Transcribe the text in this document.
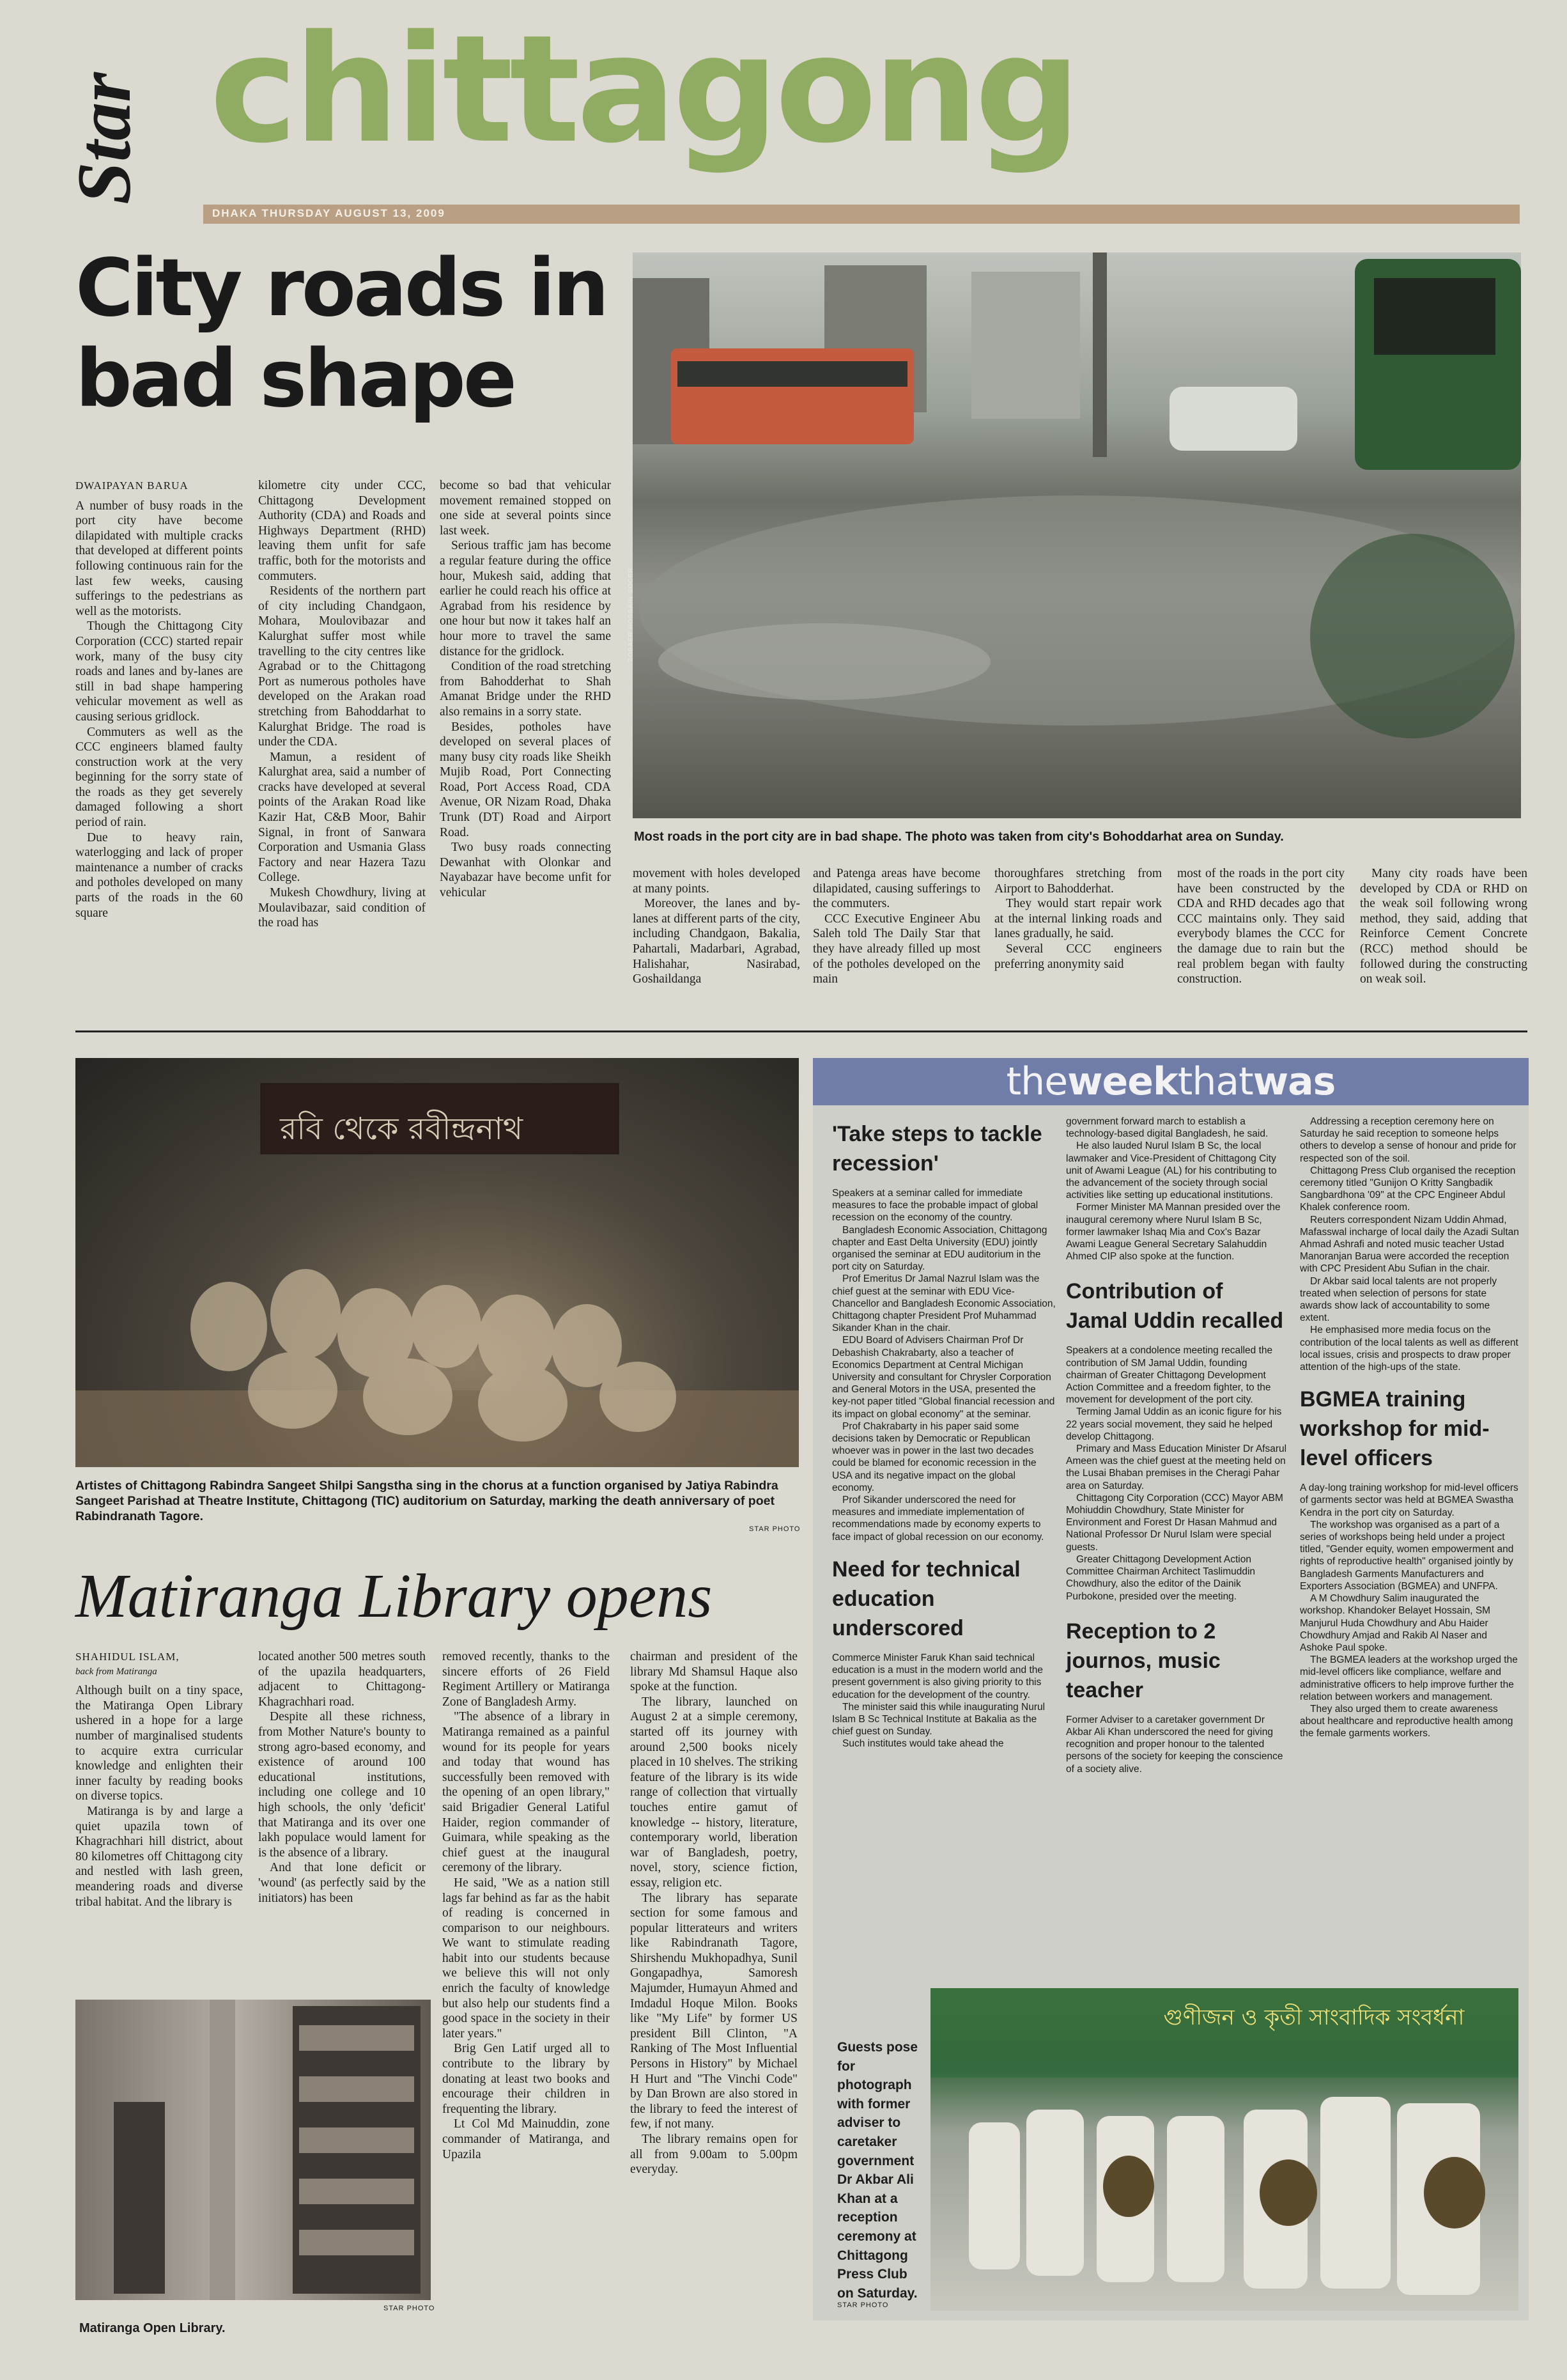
Star chittagong
DHAKA THURSDAY AUGUST 13, 2009
City roads in
bad shape
ZOBAER HOSSAIN SOCER
Most roads in the port city are in bad shape. The photo was taken from city's Bohoddarhat area on Sunday.
DWAIPAYAN BARUA

A number of busy roads in the port city have become dilapidated with multiple cracks that developed at different points following continuous rain for the last few weeks, causing sufferings to the pedestrians as well as the motorists.

Though the Chittagong City Corporation (CCC) started repair work, many of the busy city roads and lanes and by-lanes are still in bad shape hampering vehicular movement as well as causing serious gridlock.

Commuters as well as the CCC engineers blamed faulty construction work at the very beginning for the sorry state of the roads as they get severely damaged following a short period of rain.

Due to heavy rain, waterlogging and lack of proper maintenance a number of cracks and potholes developed on many parts of the roads in the 60 square

kilometre city under CCC, Chittagong Development Authority (CDA) and Roads and Highways Department (RHD) leaving them unfit for safe traffic, both for the motorists and commuters.

Residents of the northern part of city including Chandgaon, Mohara, Moulovibazar and Kalurghat suffer most while travelling to the city centres like Agrabad or to the Chittagong Port as numerous potholes have developed on the Arakan road stretching from Bahoddarhat to Kalurghat Bridge. The road is under the CDA.

Mamun, a resident of Kalurghat area, said a number of cracks have developed at several points of the Arakan Road like Kazir Hat, C&B Moor, Bahir Signal, in front of Sanwara Corporation and Usmania Glass Factory and near Hazera Tazu College.

Mukesh Chowdhury, living at Moulavibazar, said condition of the road has

become so bad that vehicular movement remained stopped on one side at several points since last week.

Serious traffic jam has become a regular feature during the office hour, Mukesh said, adding that earlier he could reach his office at Agrabad from his residence by one hour but now it takes half an hour more to travel the same distance for the gridlock.

Condition of the road stretching from Bahodderhat to Shah Amanat Bridge under the RHD also remains in a sorry state.

Besides, potholes have developed on several places of many busy city roads like Sheikh Mujib Road, Port Connecting Road, Port Access Road, CDA Avenue, OR Nizam Road, Dhaka Trunk (DT) Road and Airport Road.

Two busy roads connecting Dewanhat with Olonkar and Nayabazar have become unfit for vehicular

movement with holes developed at many points.

Moreover, the lanes and by-lanes at different parts of the city, including Chandgaon, Bakalia, Pahartali, Madarbari, Agrabad, Halishahar, Nasirabad, Goshaildanga

and Patenga areas have become dilapidated, causing sufferings to the commuters.

CCC Executive Engineer Abu Saleh told The Daily Star that they have already filled up most of the potholes developed on the main

thoroughfares stretching from Airport to Bahodderhat.

They would start repair work at the internal linking roads and lanes gradually, he said.

Several CCC engineers preferring anonymity said

most of the roads in the port city have been constructed by the CDA and RHD decades ago that CCC maintains only. They said everybody blames the CCC for the damage due to rain but the real problem began with faulty construction.

Many city roads have been developed by CDA or RHD on the weak soil following wrong method, they said, adding that Reinforce Cement Concrete (RCC) method should be followed during the constructing on weak soil.

রবি থেকে রবীন্দ্রনাথ
Artistes of Chittagong Rabindra Sangeet Shilpi Sangstha sing in the chorus at a function organised by Jatiya Rabindra Sangeet Parishad at Theatre Institute, Chittagong (TIC) auditorium on Saturday, marking the death anniversary of poet Rabindranath Tagore.
STAR PHOTO
Matiranga Library opens
SHAHIDUL ISLAM,
back from Matiranga

Although built on a tiny space, the Matiranga Open Library ushered in a hope for a large number of marginalised students to acquire extra curricular knowledge and enlighten their inner faculty by reading books on diverse topics.

Matiranga is by and large a quiet upazila town of Khagrachhari hill district, about 80 kilometres off Chittagong city and nestled with lash green, meandering roads and diverse tribal habitat. And the library is

located another 500 metres south of the upazila headquarters, adjacent to Chittagong-Khagrachhari road.

Despite all these richness, from Mother Nature's bounty to strong agro-based economy, and existence of around 100 educational institutions, including one college and 10 high schools, the only 'deficit' that Matiranga and its over one lakh populace would lament for is the absence of a library.

And that lone deficit or 'wound' (as perfectly said by the initiators) has been

removed recently, thanks to the sincere efforts of 26 Field Regiment Artillery or Matiranga Zone of Bangladesh Army.

"The absence of a library in Matiranga remained as a painful wound for its people for years and today that wound has successfully been removed with the opening of an open library," said Brigadier General Latiful Haider, region commander of Guimara, while speaking as the chief guest at the inaugural ceremony of the library.

He said, "We as a nation still lags far behind as far as the habit of reading is concerned in comparison to our neighbours. We want to stimulate reading habit into our students because we believe this will not only enrich the faculty of knowledge but also help our students find a good space in the society in their later years."

Brig Gen Latif urged all to contribute to the library by donating at least two books and encourage their children in frequenting the library.

Lt Col Md Mainuddin, zone commander of Matiranga, and Upazila

chairman and president of the library Md Shamsul Haque also spoke at the function.

The library, launched on August 2 at a simple ceremony, started off its journey with around 2,500 books nicely placed in 10 shelves. The striking feature of the library is its wide range of collection that virtually touches entire gamut of knowledge -- history, literature, contemporary world, liberation war of Bangladesh, poetry, novel, story, science fiction, essay, religion etc.

The library has separate section for some famous and popular litterateurs and writers like Rabindranath Tagore, Shirshendu Mukhopadhya, Sunil Gongapadhya, Samoresh Majumder, Humayun Ahmed and Imdadul Hoque Milon. Books like "My Life" by former US president Bill Clinton, "A Ranking of The Most Influential Persons in History" by Michael H Hurt and "The Vinchi Code" by Dan Brown are also stored in the library to feed the interest of few, if not many.

The library remains open for all from 9.00am to 5.00pm everyday.

STAR PHOTO
Matiranga Open Library.
theweekthatwas
'Take steps to tackle recession'

Speakers at a seminar called for immediate measures to face the probable impact of global recession on the economy of the country.

Bangladesh Economic Association, Chittagong chapter and East Delta University (EDU) jointly organised the seminar at EDU auditorium in the port city on Saturday.

Prof Emeritus Dr Jamal Nazrul Islam was the chief guest at the seminar with EDU Vice-Chancellor and Bangladesh Economic Association, Chittagong chapter President Prof Muhammad Sikander Khan in the chair.

EDU Board of Advisers Chairman Prof Dr Debashish Chakrabarty, also a teacher of Economics Department at Central Michigan University and consultant for Chrysler Corporation and General Motors in the USA, presented the key-not paper titled "Global financial recession and its impact on global economy" at the seminar.

Prof Chakrabarty in his paper said some decisions taken by Democratic or Republican whoever was in power in the last two decades could be blamed for economic recession in the USA and its negative impact on the global economy.

Prof Sikander underscored the need for measures and immediate implementation of recommendations made by economy experts to face impact of global recession on our economy.

Need for technical education underscored

Commerce Minister Faruk Khan said technical education is a must in the modern world and the present government is also giving priority to this education for the development of the country.

The minister said this while inaugurating Nurul Islam B Sc Technical Institute at Bakalia as the chief guest on Sunday.

Such institutes would take ahead the

government forward march to establish a technology-based digital Bangladesh, he said.

He also lauded Nurul Islam B Sc, the local lawmaker and Vice-President of Chittagong City unit of Awami League (AL) for his contributing to the advancement of the society through social activities like setting up educational institutions.

Former Minister MA Mannan presided over the inaugural ceremony where Nurul Islam B Sc, former lawmaker Ishaq Mia and Cox's Bazar Awami League General Secretary Salahuddin Ahmed CIP also spoke at the function.

Contribution of Jamal Uddin recalled

Speakers at a condolence meeting recalled the contribution of SM Jamal Uddin, founding chairman of Greater Chittagong Development Action Committee and a freedom fighter, to the movement for development of the port city.

Terming Jamal Uddin as an iconic figure for his 22 years social movement, they said he helped develop Chittagong.

Primary and Mass Education Minister Dr Afsarul Ameen was the chief guest at the meeting held on the Lusai Bhaban premises in the Cheragi Pahar area on Saturday.

Chittagong City Corporation (CCC) Mayor ABM Mohiuddin Chowdhury, State Minister for Environment and Forest Dr Hasan Mahmud and National Professor Dr Nurul Islam were special guests.

Greater Chittagong Development Action Committee Chairman Architect Taslimuddin Chowdhury, also the editor of the Dainik Purbokone, presided over the meeting.

Reception to 2 journos, music teacher

Former Adviser to a caretaker government Dr Akbar Ali Khan underscored the need for giving recognition and proper honour to the talented persons of the society for keeping the conscience of a society alive.

Addressing a reception ceremony here on Saturday he said reception to someone helps others to develop a sense of honour and pride for respected son of the soil.

Chittagong Press Club organised the reception ceremony titled "Gunijon O Kritty Sangbadik Sangbardhona '09" at the CPC Engineer Abdul Khalek conference room.

Reuters correspondent Nizam Uddin Ahmad, Mafasswal incharge of local daily the Azadi Sultan Ahmad Ashrafi and noted music teacher Ustad Manoranjan Barua were accorded the reception with CPC President Abu Sufian in the chair.

Dr Akbar said local talents are not properly treated when selection of persons for state awards show lack of accountability to some extent.

He emphasised more media focus on the contribution of the local talents as well as different local issues, crisis and prospects to draw proper attention of the high-ups of the state.

BGMEA training workshop for mid-level officers

A day-long training workshop for mid-level officers of garments sector was held at BGMEA Swastha Kendra in the port city on Saturday.

The workshop was organised as a part of a series of workshops being held under a project titled, "Gender equity, women empowerment and rights of reproductive health" organised jointly by Bangladesh Garments Manufacturers and Exporters Association (BGMEA) and UNFPA.

A M Chowdhury Salim inaugurated the workshop. Khandoker Belayet Hossain, SM Manjurul Huda Chowdhury and Abu Haider Chowdhury Amjad and Rakib Al Naser and Ashoke Paul spoke.

The BGMEA leaders at the workshop urged the mid-level officers like compliance, welfare and administrative officers to help improve further the relation between workers and management.

They also urged them to create awareness about healthcare and reproductive health among the female garments workers.

Guests pose for photograph with former adviser to caretaker government Dr Akbar Ali Khan at a reception ceremony at Chittagong Press Club on Saturday.
STAR PHOTO
গুণীজন ও কৃতী সাংবাদিক সংবর্ধনা
